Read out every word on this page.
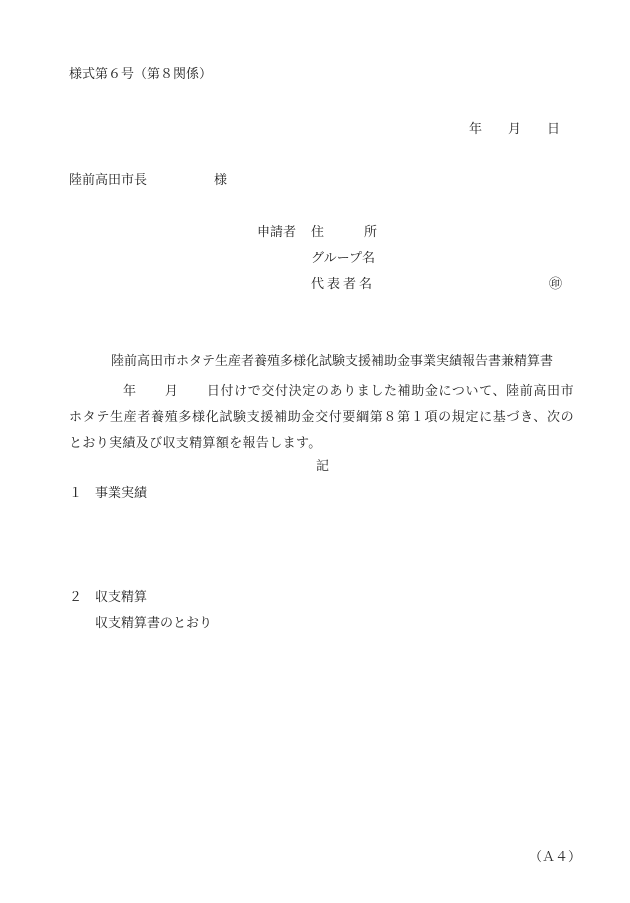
様式第６号（第８関係）
年 月 日
陸前高田市長	様
申請者 住	所
グループ名
代表者名	㊞
陸前高田市ホタテ生産者養殖多様化試験支援補助金事業実績報告書兼精算書
年 月 日付けで交付決定のありました補助金について、陸前高田市ホタテ生産者養殖多様化試験支援補助金交付要綱第８第１項の規定に基づき、次のとおり実績及び収支精算額を報告します。
記
１ 事業実績
２ 収支精算
収支精算書のとおり
（Ａ４）
